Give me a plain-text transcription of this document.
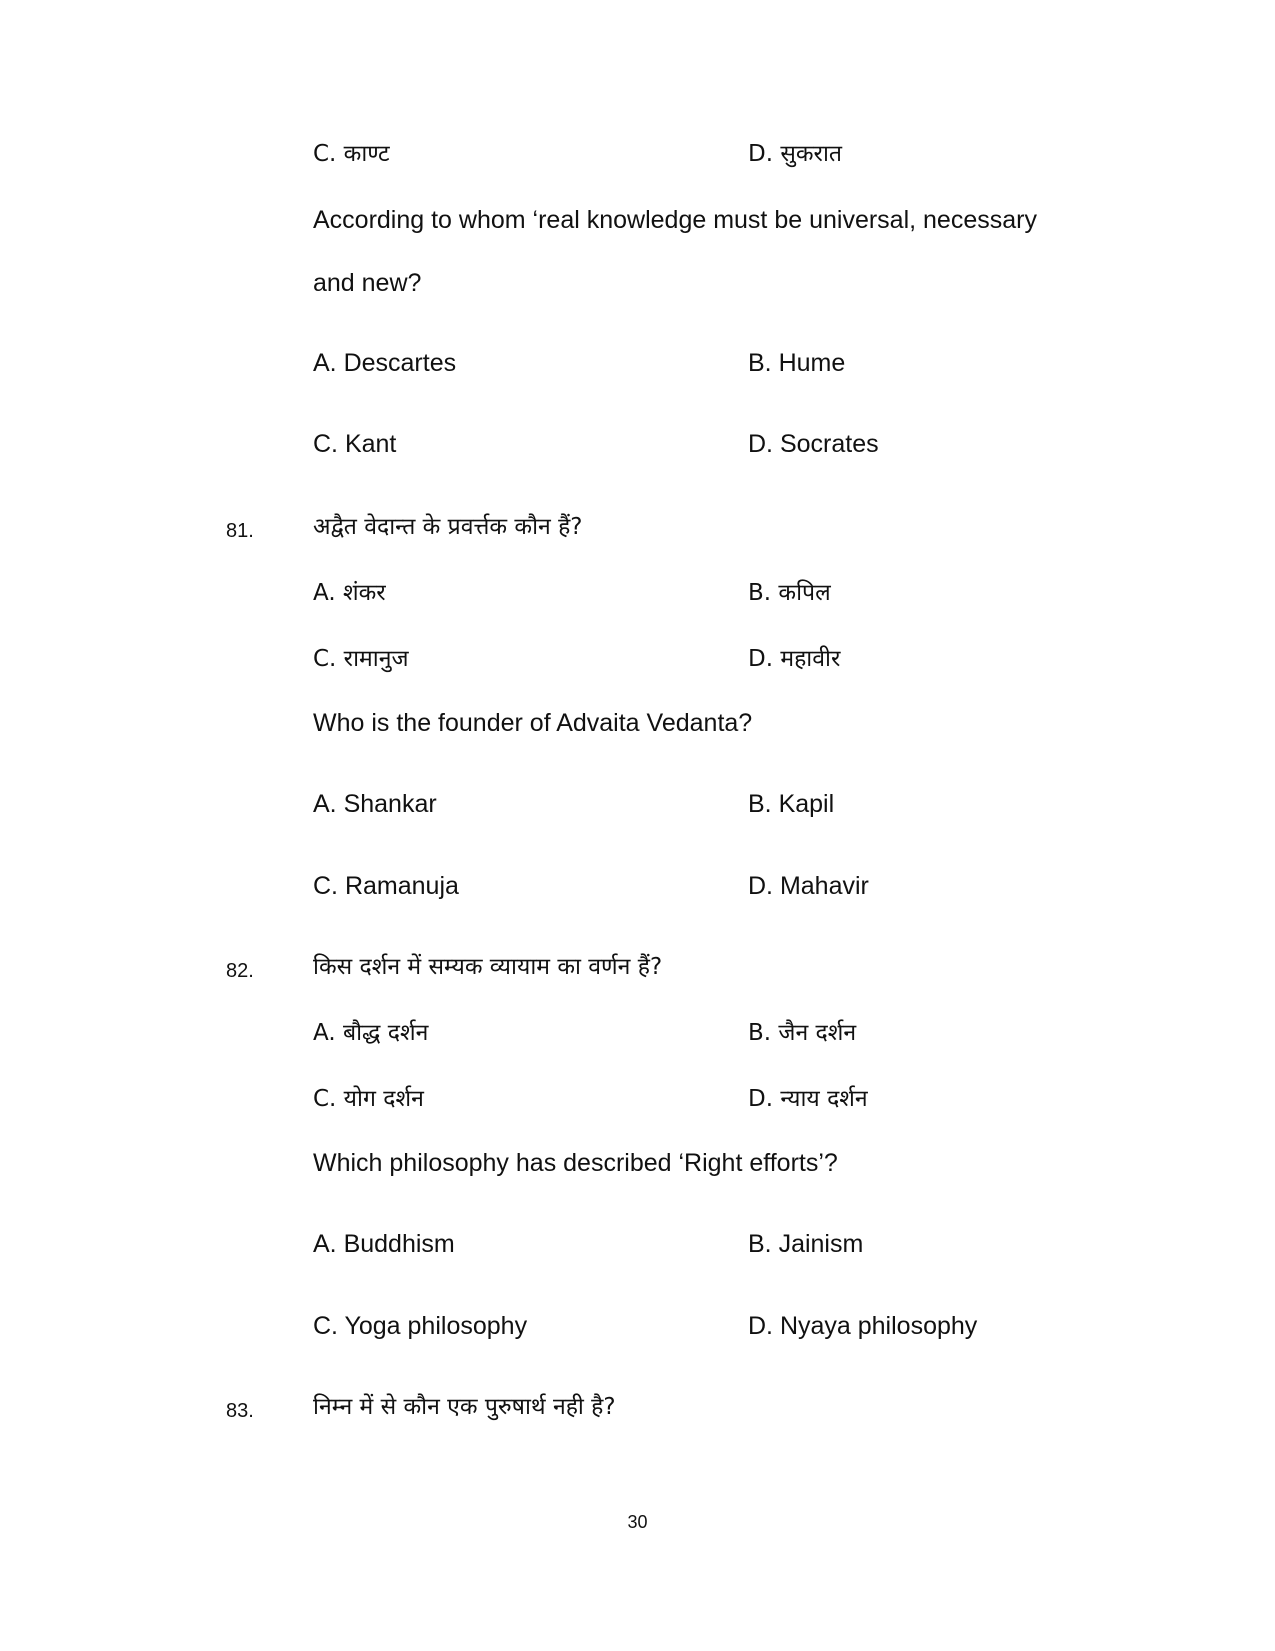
C. काण्ट	D. सुकरात
According to whom ‘real knowledge must be universal, necessary
and new?
A. Descartes	B. Hume
C. Kant	D. Socrates
81.	अद्वैत वेदान्त के प्रवर्त्तक कौन हैं?
A. शंकर	B. कपिल
C. रामानुज	D. महावीर
Who is the founder of Advaita Vedanta?
A. Shankar	B. Kapil
C. Ramanuja	D. Mahavir
82.	किस दर्शन में सम्यक व्यायाम का वर्णन हैं?
A. बौद्ध दर्शन	B. जैन दर्शन
C. योग दर्शन	D. न्याय दर्शन
Which philosophy has described ‘Right efforts’?
A. Buddhism	B. Jainism
C. Yoga philosophy	D. Nyaya philosophy
83.	निम्न में से कौन एक पुरुषार्थ नही है?
30
